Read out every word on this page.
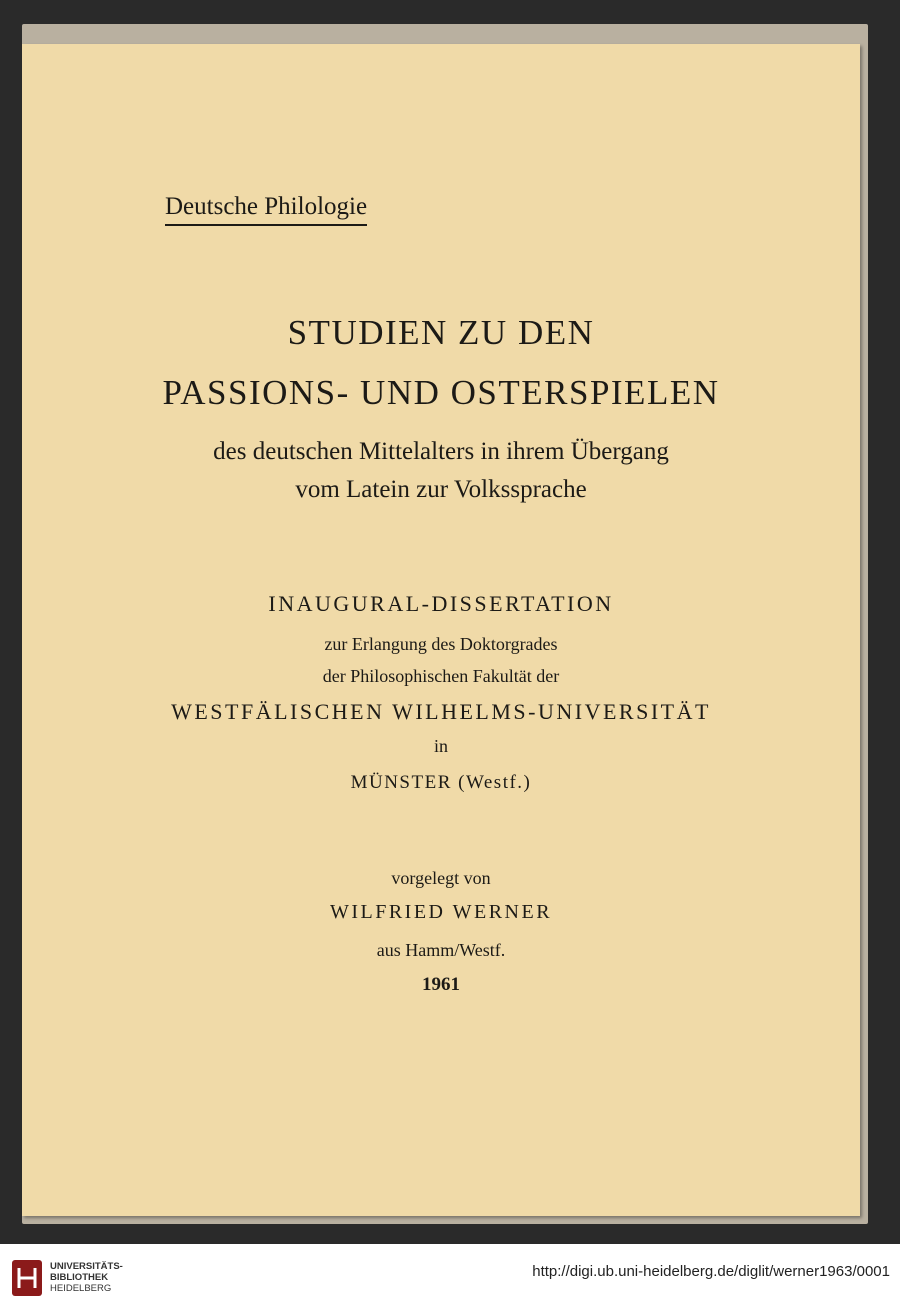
Deutsche Philologie
STUDIEN ZU DEN
PASSIONS- UND OSTERSPIELEN
des deutschen Mittelalters in ihrem Übergang
vom Latein zur Volkssprache
INAUGURAL-DISSERTATION
zur Erlangung des Doktorgrades
der Philosophischen Fakultät der
WESTFÄLISCHEN WILHELMS-UNIVERSITÄT
in
MÜNSTER (Westf.)
vorgelegt von
WILFRIED WERNER
aus Hamm/Westf.
1961
UNIVERSITÄTS-
BIBLIOTHEK
HEIDELBERG
http://digi.ub.uni-heidelberg.de/diglit/werner1963/0001
